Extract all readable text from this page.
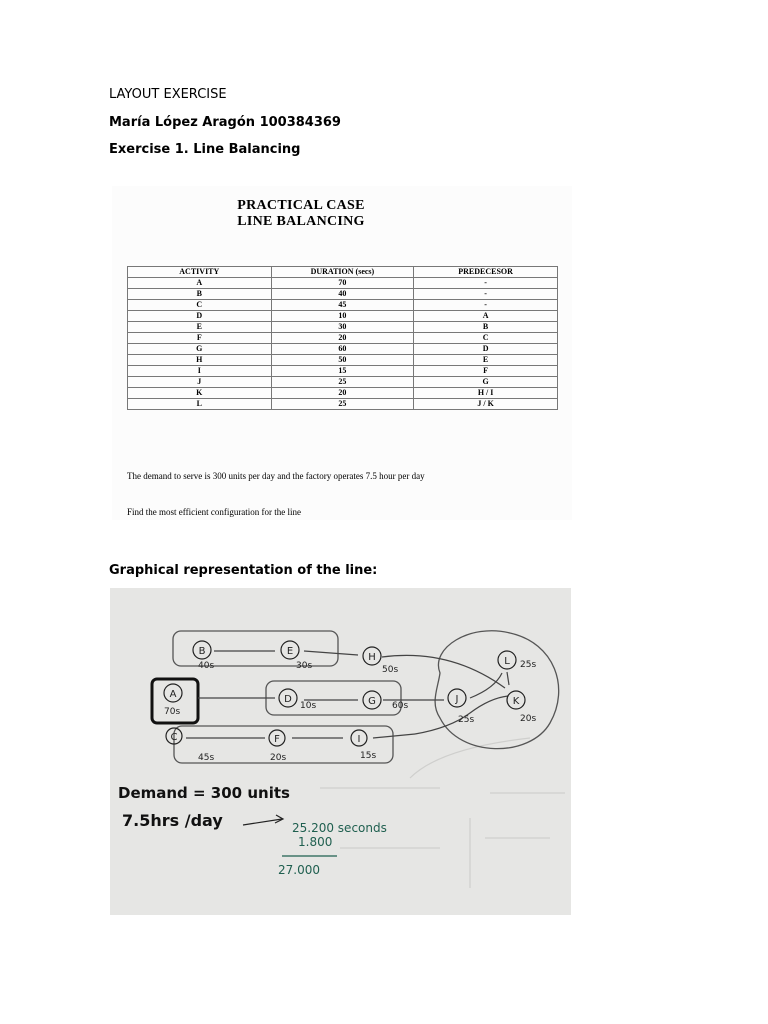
LAYOUT EXERCISE
María López Aragón 100384369
Exercise 1. Line Balancing
PRACTICAL CASE
LINE BALANCING
ACTIVITY	DURATION (secs)	PREDECESOR
A	70	-
B	40	-
C	45	-
D	10	A
E	30	B
F	20	C
G	60	D
H	50	E
I	15	F
J	25	G
K	20	H / I
L	25	J / K
The demand to serve is 300 units per day and the factory operates 7.5 hour per day
Find the most efficient configuration for the line
Graphical representation of the line:
B	E
H
A	D	G
C	F	I
J	K
L
40s	30s	50s
70s
10s	60s
45s	20s	15s
25s	20s
25s
Demand = 300 units
7.5hrs /day	25.200 seconds
1.800
27.000
